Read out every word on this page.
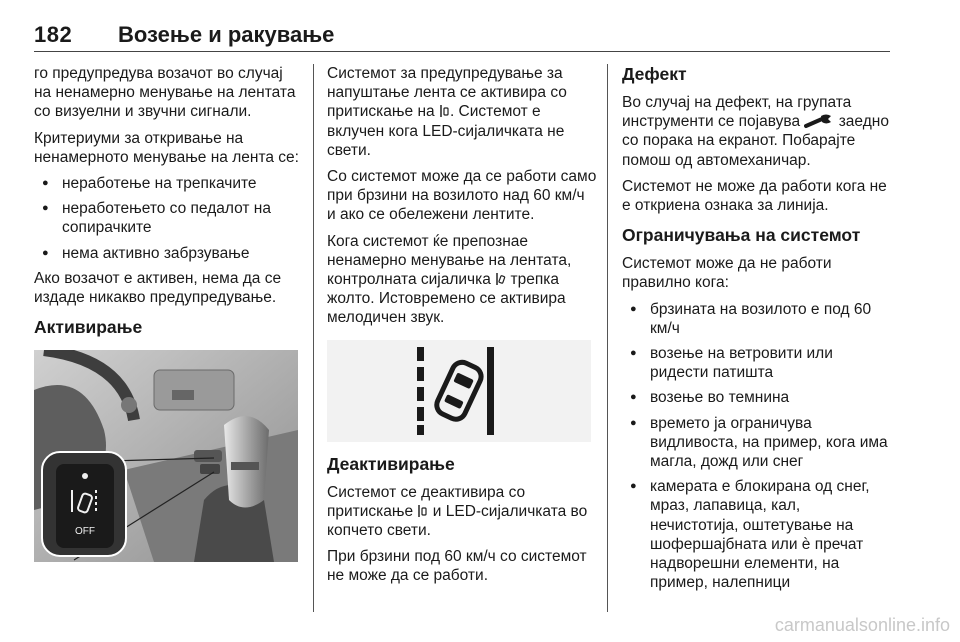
182 Возење и ракување

го предупредува возачот во случај на ненамерно менување на лентата со визуелни и звучни сигнали.

Критериуми за откривање на ненамерното менување на лента се:

● неработење на трепкачите
● неработењето со педалот на сопирачките
● нема активно забрзување

Ако возачот е активен, нема да се издаде никакво предупредување.

Активирање
OFF

Системот за предупредување за напуштање лента се активира со притискање на . Системот е вклучен кога LED-сијаличката не свети.

Со системот може да се работи само при брзини на возилото над 60 км/ч и ако се обележени лентите.

Кога системот ќе препознае ненамерно менување на лентата, контролната сијаличка трепка жолто. Истовремено се активира мелодичен звук.

Деактивирање

Системот се деактивира со притискање и LED-сијаличката во копчето свети.

При брзини под 60 км/ч со системот не може да се работи.

Дефект

Во случај на дефект, на групата инструменти се појавува заедно со порака на екранот. Побарајте помош од автомеханичар.

Системот не може да работи кога не е откриена ознака за линија.

Ограничувања на системот

Системот може да не работи правилно кога:

● брзината на возилото е под 60 км/ч
● возење на ветровити или ридести патишта
● возење во темнина
● времето ја ограничува видливоста, на пример, кога има магла, дожд или снег
● камерата е блокирана од снег, мраз, лапавица, кал, нечистотија, оштетување на шофершајбната или ѐ пречат надворешни елементи, на пример, налепници
carmanualsonline.info
